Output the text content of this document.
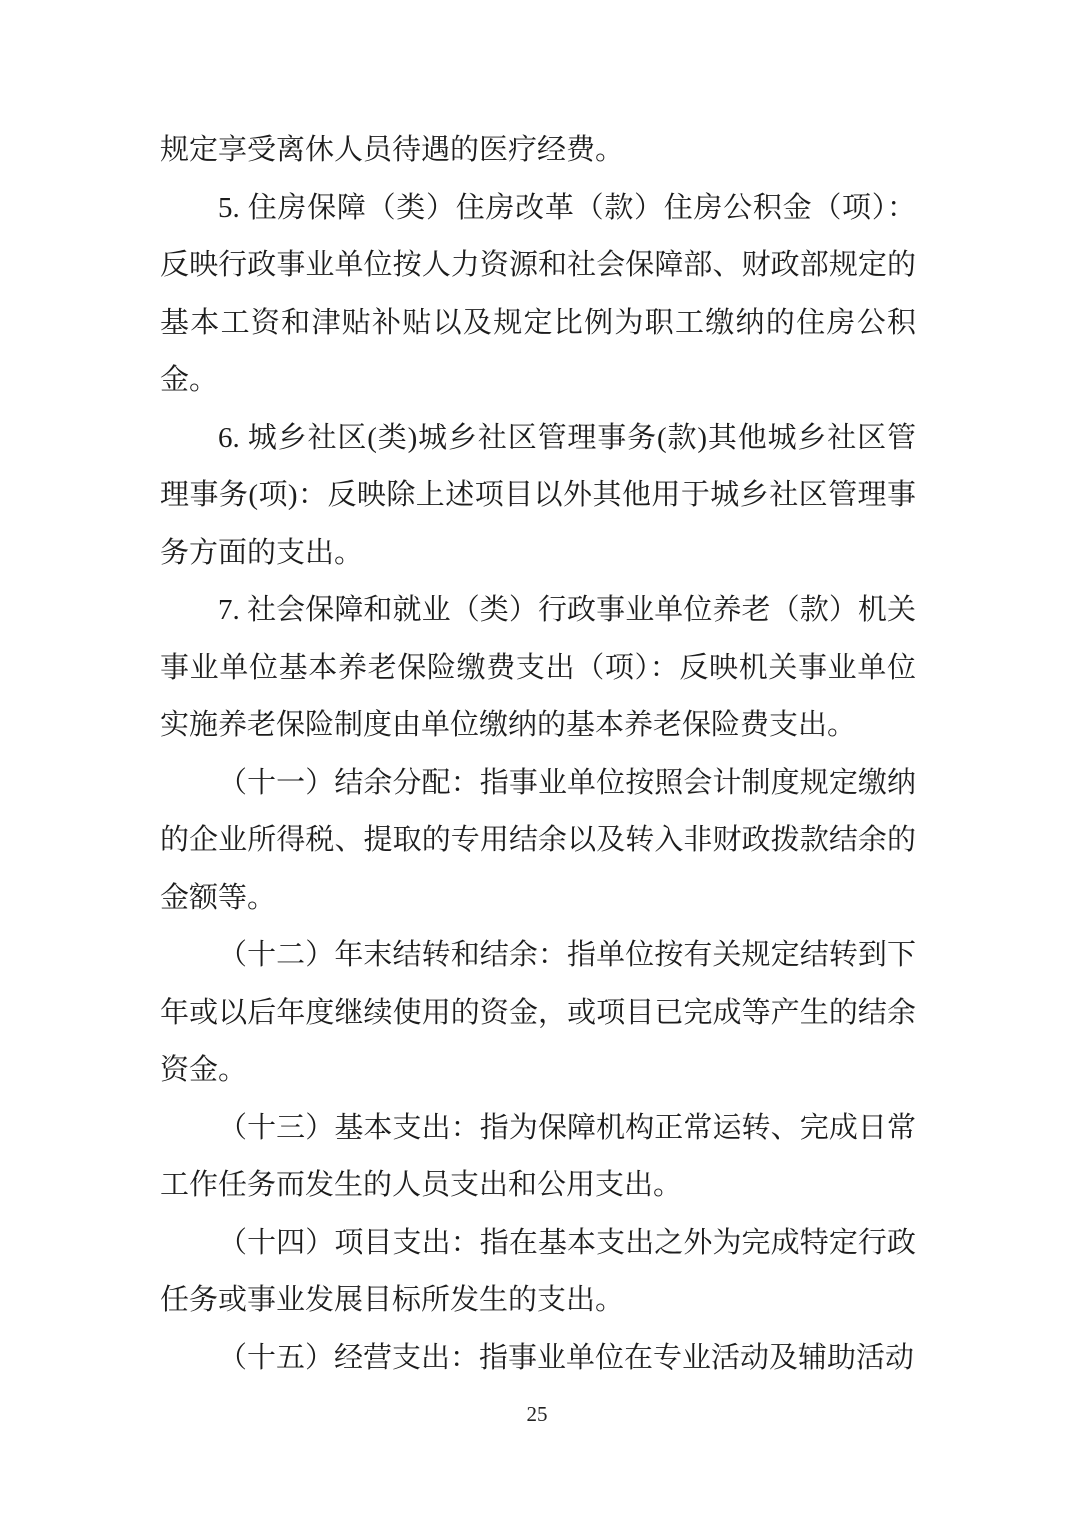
规定享受离休人员待遇的医疗经费。

5. 住房保障（类）住房改革（款）住房公积金（项）：反映行政事业单位按人力资源和社会保障部、财政部规定的基本工资和津贴补贴以及规定比例为职工缴纳的住房公积金。

6. 城乡社区(类)城乡社区管理事务(款)其他城乡社区管理事务(项)：反映除上述项目以外其他用于城乡社区管理事务方面的支出。

7. 社会保障和就业（类）行政事业单位养老（款）机关事业单位基本养老保险缴费支出（项）：反映机关事业单位实施养老保险制度由单位缴纳的基本养老保险费支出。

（十一）结余分配：指事业单位按照会计制度规定缴纳的企业所得税、提取的专用结余以及转入非财政拨款结余的金额等。

（十二）年末结转和结余：指单位按有关规定结转到下年或以后年度继续使用的资金，或项目已完成等产生的结余资金。

（十三）基本支出：指为保障机构正常运转、完成日常工作任务而发生的人员支出和公用支出。

（十四）项目支出：指在基本支出之外为完成特定行政任务或事业发展目标所发生的支出。

（十五）经营支出：指事业单位在专业活动及辅助活动

25
